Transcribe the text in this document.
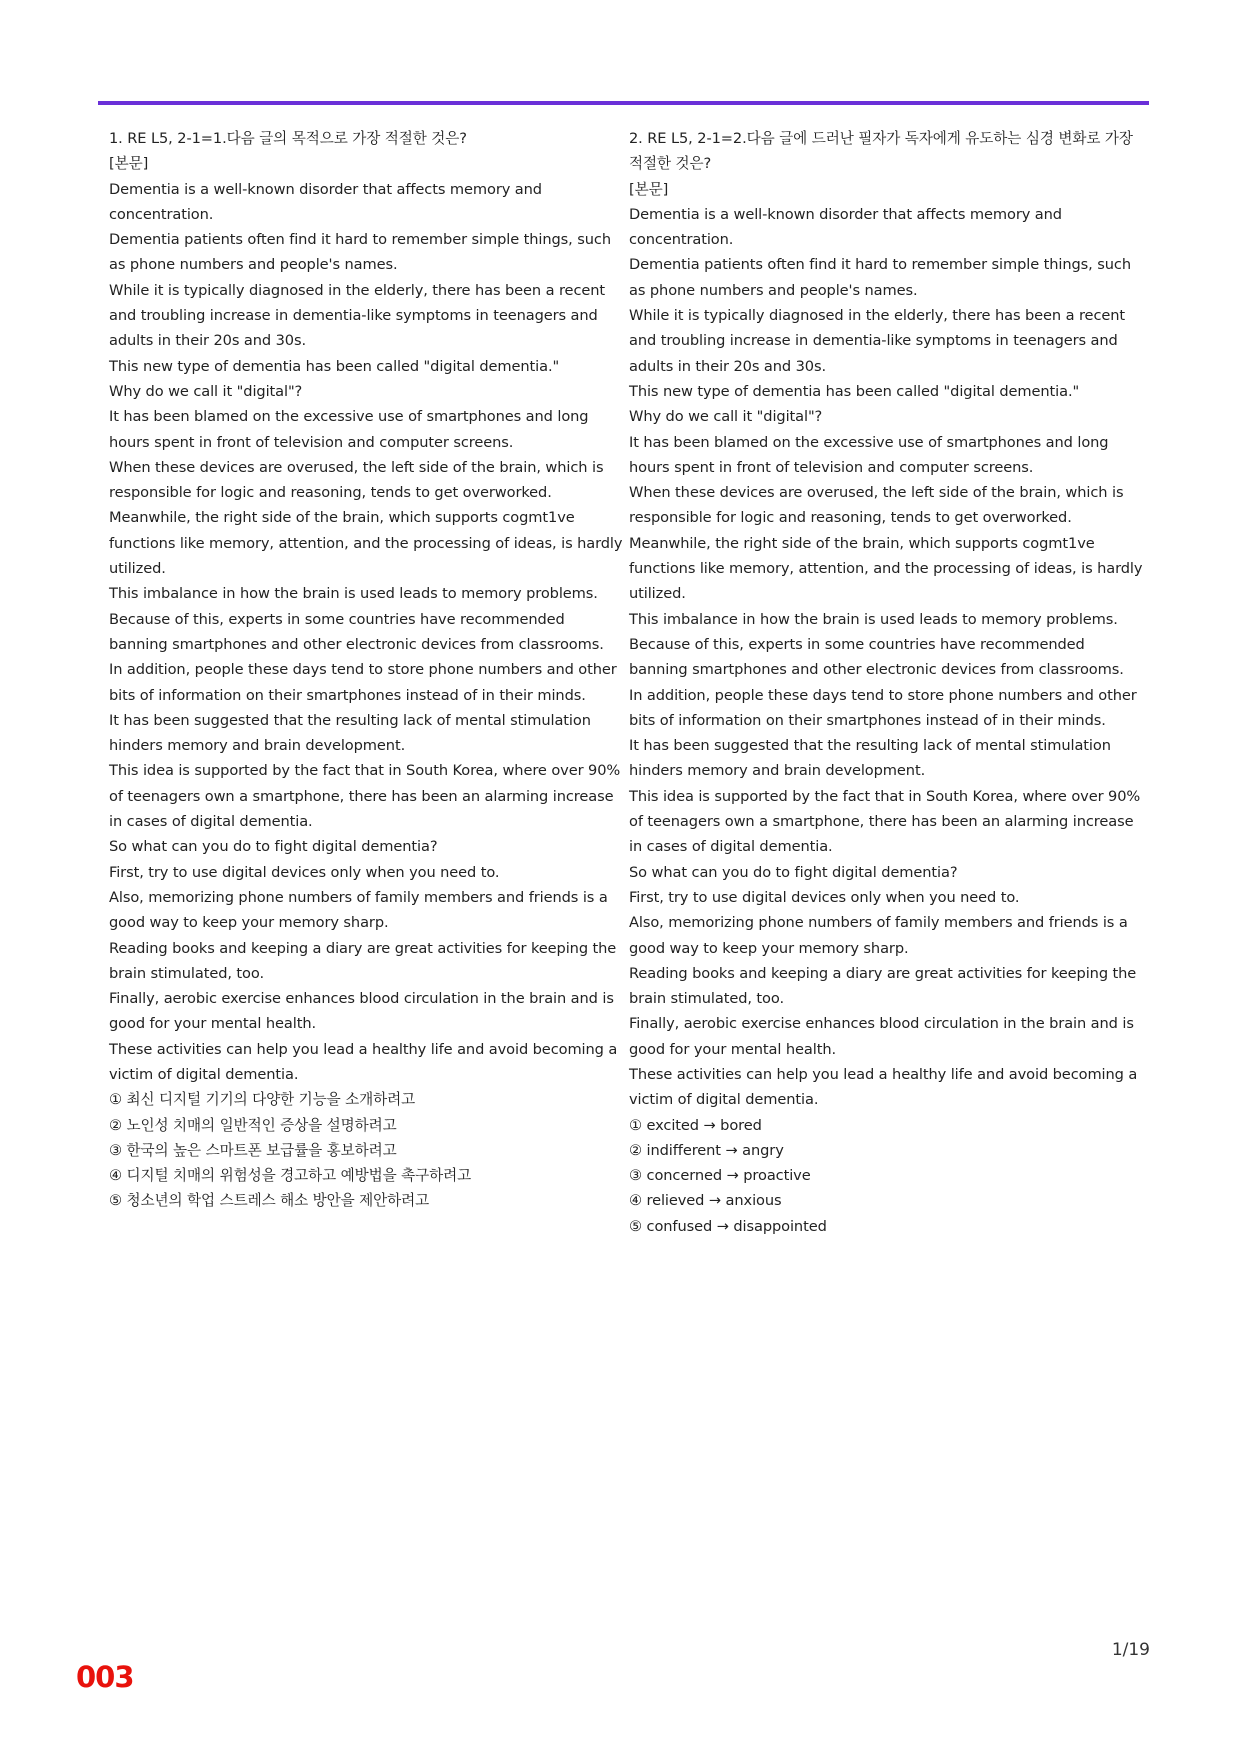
1. RE L5, 2-1=1.다음 글의 목적으로 가장 적절한 것은?

[본문]

Dementia is a well-known disorder that affects memory and concentration.

Dementia patients often find it hard to remember simple things, such as phone numbers and people's names.

While it is typically diagnosed in the elderly, there has been a recent and troubling increase in dementia-like symptoms in teenagers and adults in their 20s and 30s.

This new type of dementia has been called "digital dementia."

Why do we call it "digital"?

It has been blamed on the excessive use of smartphones and long hours spent in front of television and computer screens.

When these devices are overused, the left side of the brain, which is responsible for logic and reasoning, tends to get overworked.

Meanwhile, the right side of the brain, which supports cogmt1ve functions like memory, attention, and the processing of ideas, is hardly utilized.

This imbalance in how the brain is used leads to memory problems.

Because of this, experts in some countries have recommended banning smartphones and other electronic devices from classrooms.

In addition, people these days tend to store phone numbers and other bits of information on their smartphones instead of in their minds.

It has been suggested that the resulting lack of mental stimulation hinders memory and brain development.

This idea is supported by the fact that in South Korea, where over 90% of teenagers own a smartphone, there has been an alarming increase in cases of digital dementia.

So what can you do to fight digital dementia?

First, try to use digital devices only when you need to.

Also, memorizing phone numbers of family members and friends is a good way to keep your memory sharp.

Reading books and keeping a diary are great activities for keeping the brain stimulated, too.

Finally, aerobic exercise enhances blood circulation in the brain and is good for your mental health.

These activities can help you lead a healthy life and avoid becoming a victim of digital dementia.

① 최신 디지털 기기의 다양한 기능을 소개하려고

② 노인성 치매의 일반적인 증상을 설명하려고

③ 한국의 높은 스마트폰 보급률을 홍보하려고

④ 디지털 치매의 위험성을 경고하고 예방법을 촉구하려고

⑤ 청소년의 학업 스트레스 해소 방안을 제안하려고

2. RE L5, 2-1=2.다음 글에 드러난 필자가 독자에게 유도하는 심경 변화로 가장 적절한 것은?

[본문]

Dementia is a well-known disorder that affects memory and concentration.

Dementia patients often find it hard to remember simple things, such as phone numbers and people's names.

While it is typically diagnosed in the elderly, there has been a recent and troubling increase in dementia-like symptoms in teenagers and adults in their 20s and 30s.

This new type of dementia has been called "digital dementia."

Why do we call it "digital"?

It has been blamed on the excessive use of smartphones and long hours spent in front of television and computer screens.

When these devices are overused, the left side of the brain, which is responsible for logic and reasoning, tends to get overworked.

Meanwhile, the right side of the brain, which supports cogmt1ve functions like memory, attention, and the processing of ideas, is hardly utilized.

This imbalance in how the brain is used leads to memory problems.

Because of this, experts in some countries have recommended banning smartphones and other electronic devices from classrooms.

In addition, people these days tend to store phone numbers and other bits of information on their smartphones instead of in their minds.

It has been suggested that the resulting lack of mental stimulation hinders memory and brain development.

This idea is supported by the fact that in South Korea, where over 90% of teenagers own a smartphone, there has been an alarming increase in cases of digital dementia.

So what can you do to fight digital dementia?

First, try to use digital devices only when you need to.

Also, memorizing phone numbers of family members and friends is a good way to keep your memory sharp.

Reading books and keeping a diary are great activities for keeping the brain stimulated, too.

Finally, aerobic exercise enhances blood circulation in the brain and is good for your mental health.

These activities can help you lead a healthy life and avoid becoming a victim of digital dementia.

① excited → bored

② indifferent → angry

③ concerned → proactive

④ relieved → anxious

⑤ confused → disappointed

1/19
003
